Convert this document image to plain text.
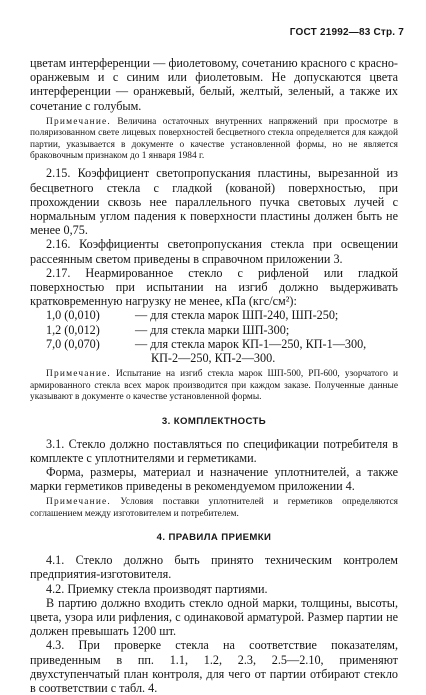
ГОСТ 21992—83 Стр. 7

цветам интерференции — фиолетовому, сочетанию красного с красно-оранжевым и с синим или фиолетовым. Не допускаются цвета интерференции — оранжевый, белый, желтый, зеленый, а также их сочетание с голубым.

Примечание. Величина остаточных внутренних напряжений при просмотре в поляризованном свете лицевых поверхностей бесцветного стекла определяется для каждой партии, указывается в документе о качестве установленной формы, но не является браковочным признаком до 1 января 1984 г.

2.15. Коэффициент светопропускания пластины, вырезанной из бесцветного стекла с гладкой (кованой) поверхностью, при прохождении сквозь нее параллельного пучка световых лучей с нормальным углом падения к поверхности пластины должен быть не менее 0,75.

2.16. Коэффициенты светопропускания стекла при освещении рассеянным светом приведены в справочном приложении 3.

2.17. Неармированное стекло с рифленой или гладкой поверхностью при испытании на изгиб должно выдерживать кратковременную нагрузку не менее, кПа (кгс/см²):

1,0 (0,010)	— для стекла марок ШП-240, ШП-250;
1,2 (0,012)	— для стекла марки ШП-300;
7,0 (0,070)	— для стекла марок КП-1—250, КП-1—300,
КП-2—250, КП-2—300.

Примечание. Испытание на изгиб стекла марок ШП-500, РП-600, узорчатого и армированного стекла всех марок производится при каждом заказе. Полученные данные указывают в документе о качестве установленной формы.

3. КОМПЛЕКТНОСТЬ

3.1. Стекло должно поставляться по спецификации потребителя в комплекте с уплотнителями и герметиками.

Форма, размеры, материал и назначение уплотнителей, а также марки герметиков приведены в рекомендуемом приложении 4.

Примечание. Условия поставки уплотнителей и герметиков определяются соглашением между изготовителем и потребителем.

4. ПРАВИЛА ПРИЕМКИ

4.1. Стекло должно быть принято техническим контролем предприятия-изготовителя.

4.2. Приемку стекла производят партиями.

В партию должно входить стекло одной марки, толщины, высоты, цвета, узора или рифления, с одинаковой арматурой. Размер партии не должен превышать 1200 шт.

4.3. При проверке стекла на соответствие показателям, приведенным в пп. 1.1, 1.2, 2.3, 2.5—2.10, применяют двухступенчатый план контроля, для чего от партии отбирают стекло в соответствии с табл. 4.
